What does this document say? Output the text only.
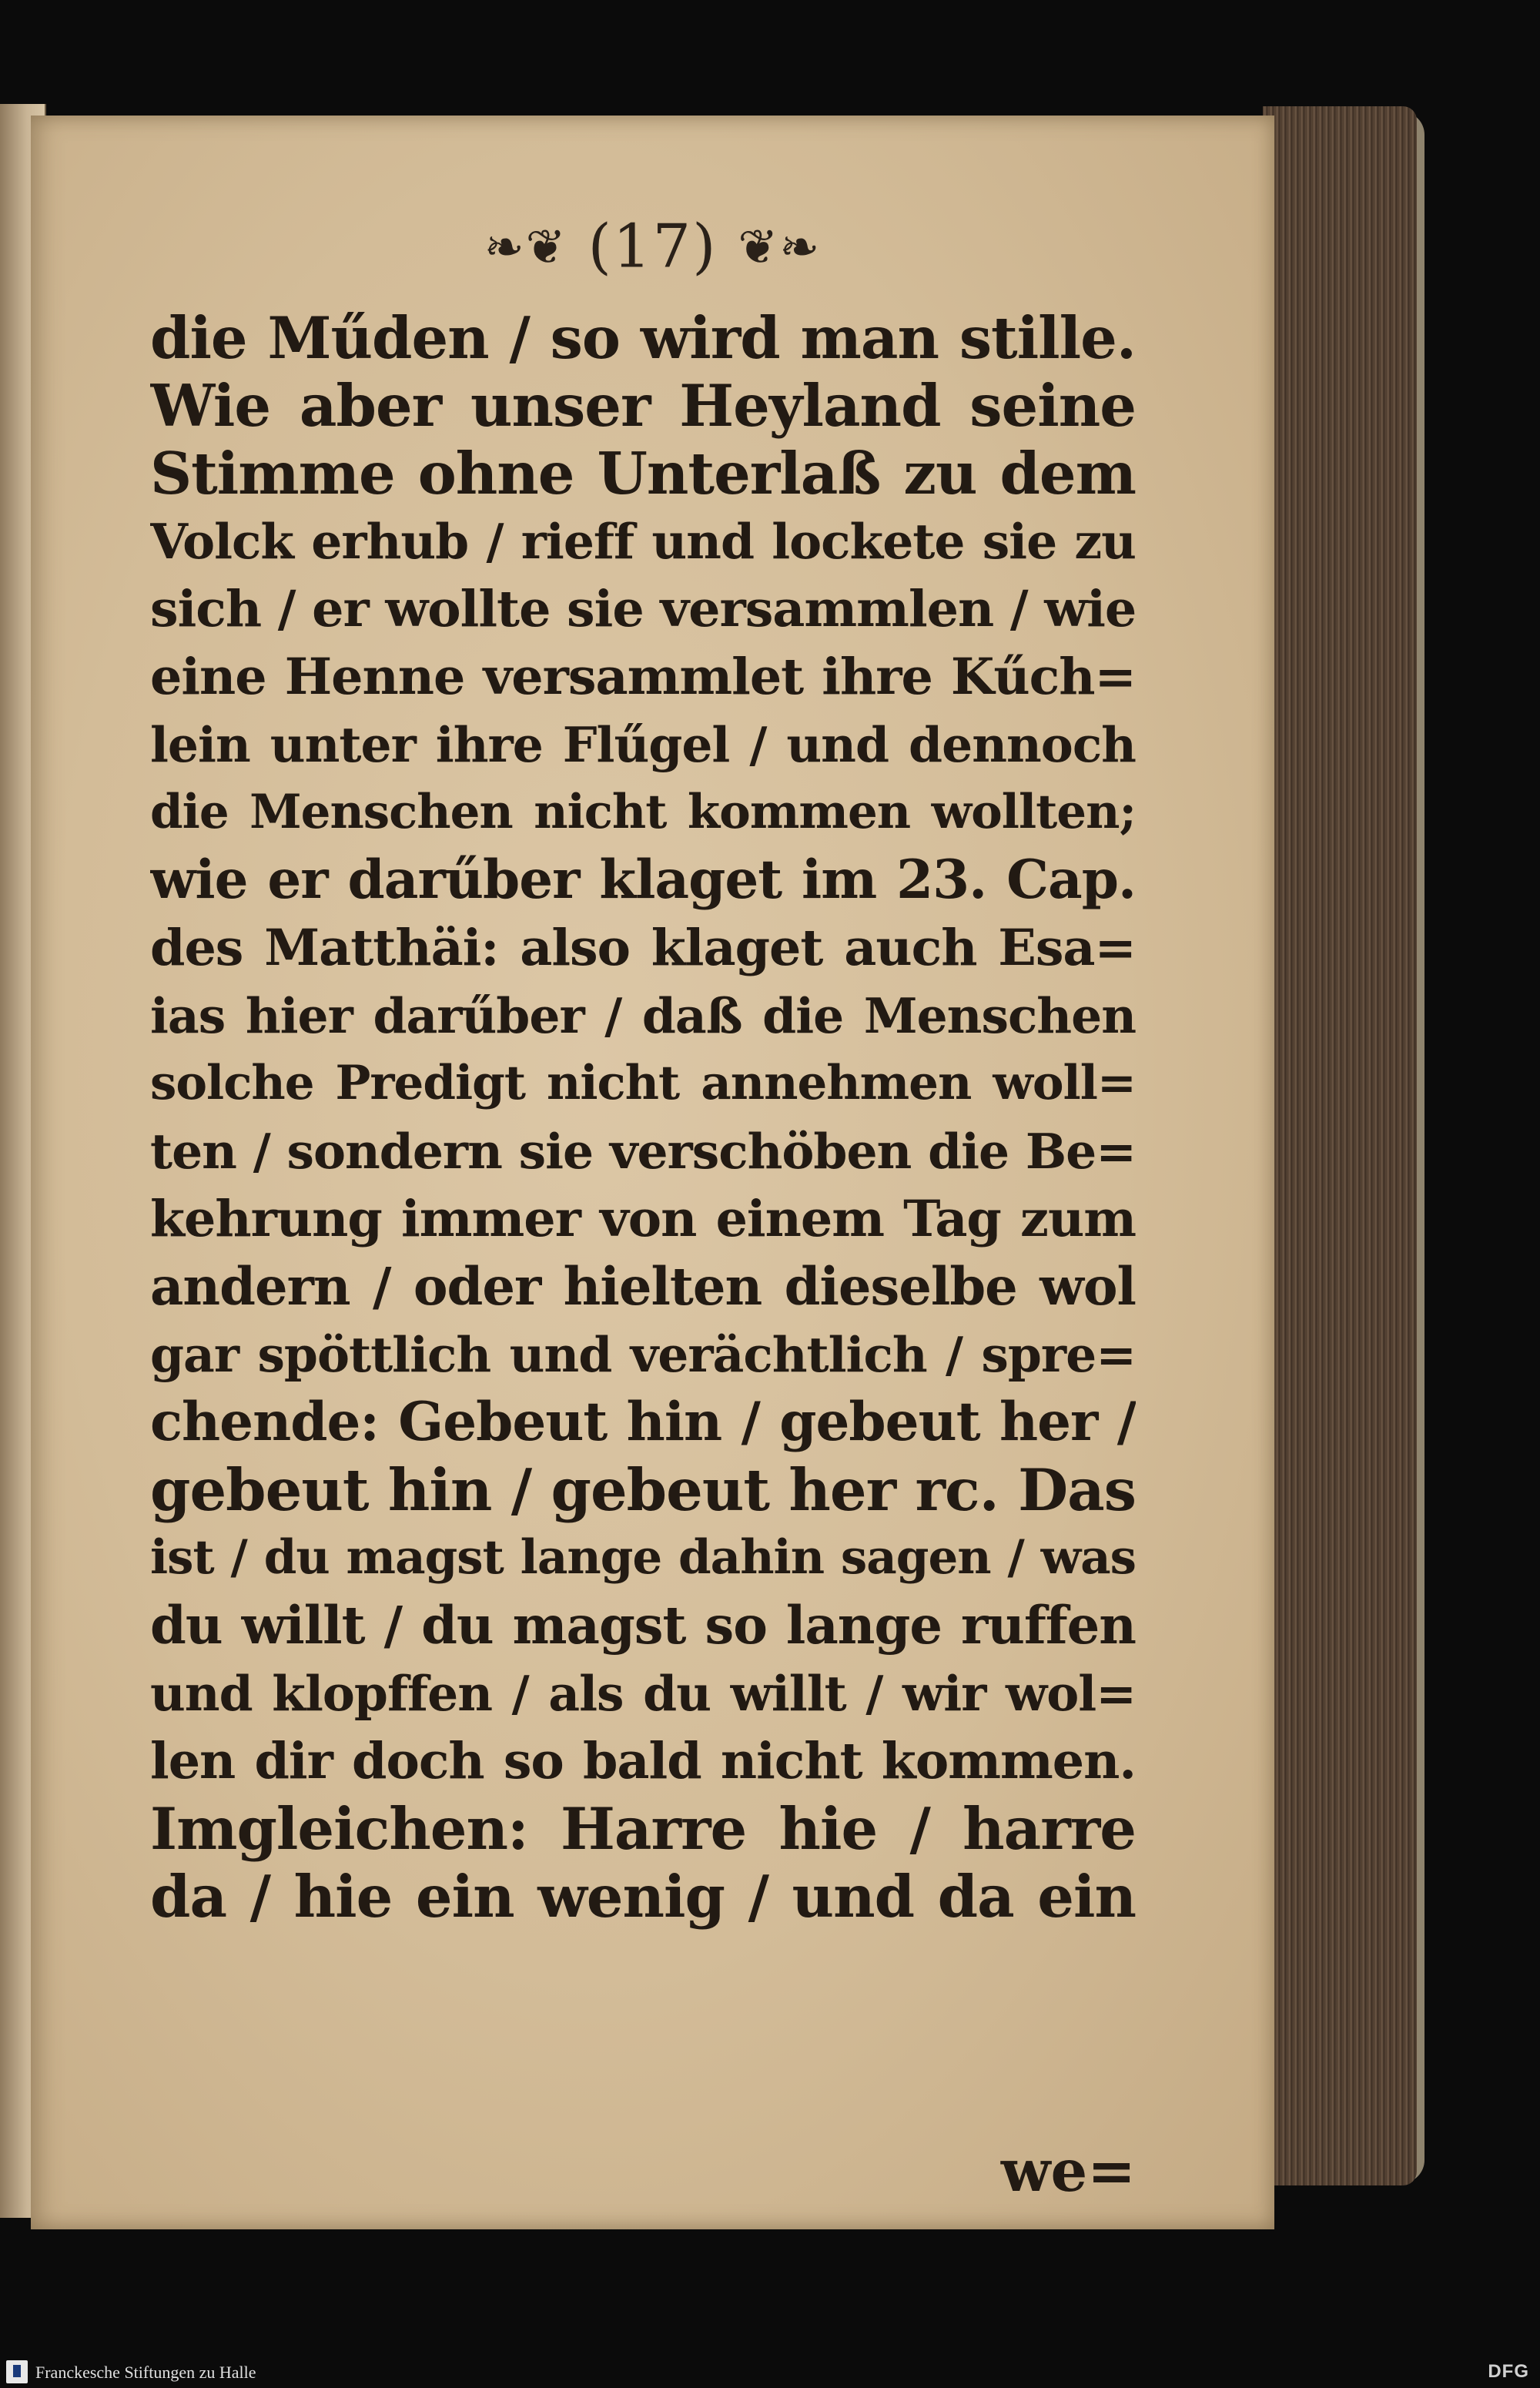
❧❦ (17) ❦❧
die Műden / so wird man stille.
Wie aber unser Heyland seine
Stimme ohne Unterlaß zu dem
Volck erhub / rieff und lockete sie zu
sich / er wollte sie versammlen / wie
eine Henne versammlet ihre Kűch=
lein unter ihre Flűgel / und dennoch
die Menschen nicht kommen wollten;
wie er darűber klaget im 23. Cap.
des Matthäi: also klaget auch Esa=
ias hier darűber / daß die Menschen
solche Predigt nicht annehmen woll=
ten / sondern sie verschöben die Be=
kehrung immer von einem Tag zum
andern / oder hielten dieselbe wol
gar spöttlich und verächtlich / spre=
chende: Gebeut hin / gebeut her /
gebeut hin / gebeut her rc. Das
ist / du magst lange dahin sagen / was
du willt / du magst so lange ruffen
und klopffen / als du willt / wir wol=
len dir doch so bald nicht kommen.
Imgleichen: Harre hie / harre
da / hie ein wenig / und da ein
we=
Franckesche Stiftungen zu Halle	DFG
